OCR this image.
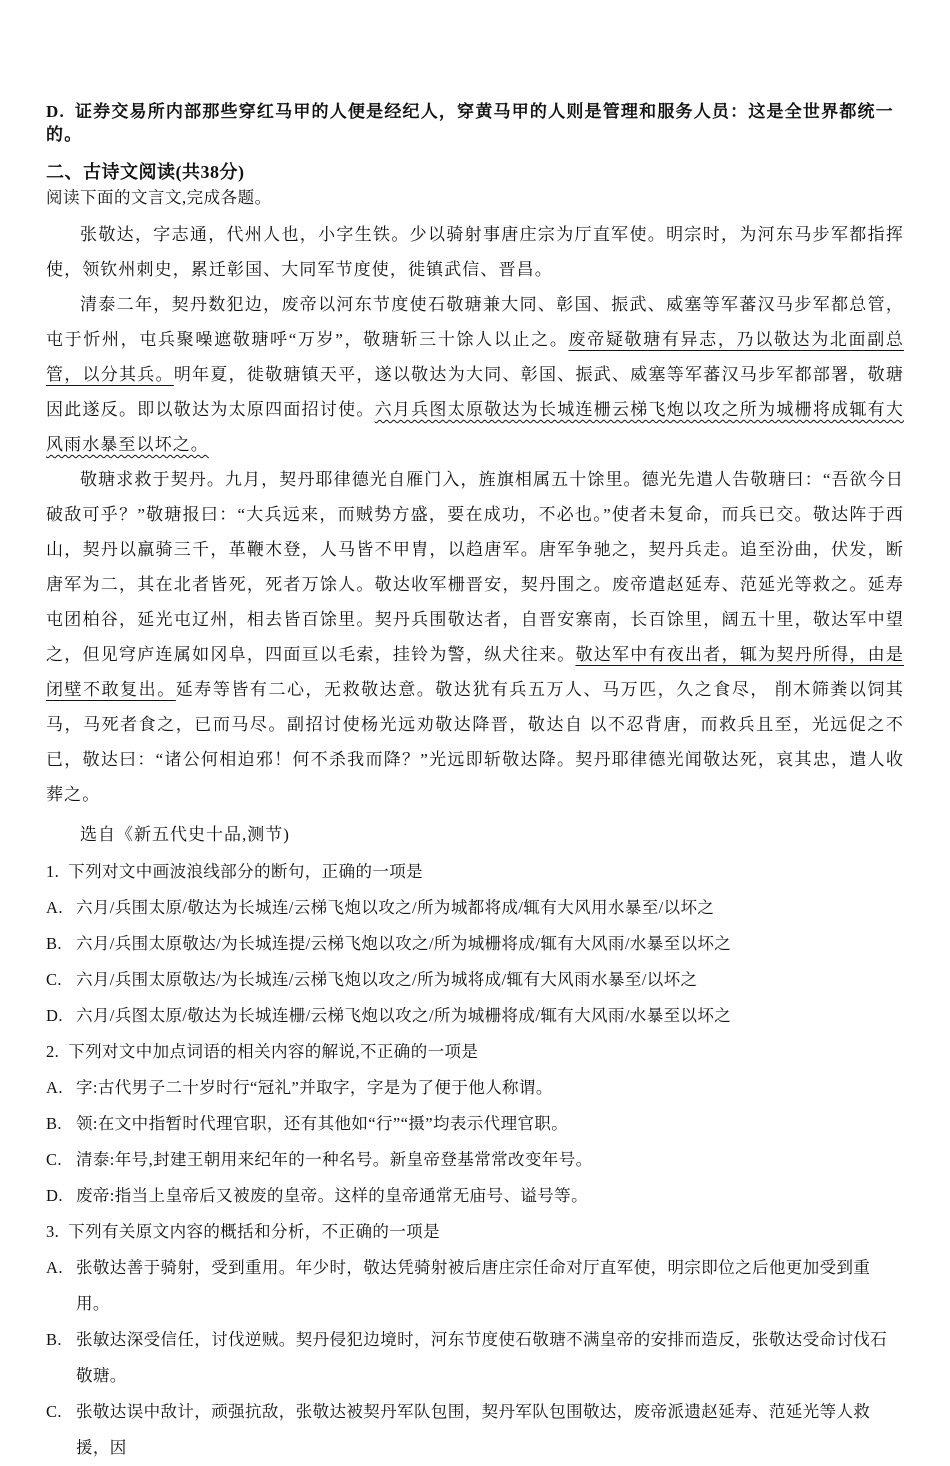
D. 证券交易所内部那些穿红马甲的人便是经纪人，穿黄马甲的人则是管理和服务人员：这是全世界都统一的。
二、古诗文阅读(共38分)
阅读下面的文言文,完成各题。

张敬达，字志通，代州人也，小字生铁。少以骑射事唐庄宗为厅直军使。明宗时，为河东马步军都指挥使，领钦州刺史，累迁彰国、大同军节度使，徙镇武信、晋昌。

清泰二年，契丹数犯边，废帝以河东节度使石敬瑭兼大同、彰国、振武、威塞等军蕃汉马步军都总管，屯于忻州，屯兵聚噪遮敬瑭呼“万岁”，敬瑭斩三十馀人以止之。废帝疑敬瑭有异志，乃以敬达为北面副总管，以分其兵。明年夏，徙敬瑭镇天平，遂以敬达为大同、彰国、振武、威塞等军蕃汉马步军都部署，敬瑭因此遂反。即以敬达为太原四面招讨使。六月兵图太原敬达为长城连栅云梯飞炮以攻之所为城栅将成辄有大风雨水暴至以坏之。

敬瑭求救于契丹。九月，契丹耶律德光自雁门入，旌旗相属五十馀里。德光先遣人告敬瑭曰：“吾欲今日破敌可乎？”敬瑭报曰：“大兵远来，而贼势方盛，要在成功，不必也。”使者未复命，而兵已交。敬达阵于西山，契丹以羸骑三千，革鞭木登，人马皆不甲胄，以趋唐军。唐军争驰之，契丹兵走。追至汾曲，伏发，断唐军为二，其在北者皆死，死者万馀人。敬达收军栅晋安，契丹围之。废帝遣赵延寿、范延光等救之。延寿屯团柏谷，延光屯辽州，相去皆百馀里。契丹兵围敬达者，自晋安寨南，长百馀里，阔五十里，敬达军中望之，但见穹庐连属如冈阜，四面亘以毛索，挂铃为警，纵犬往来。敬达军中有夜出者，辄为契丹所得，由是闭壁不敢复出。延寿等皆有二心，无救敬达意。敬达犹有兵五万人、马万匹，久之食尽， 削木筛粪以饲其马，马死者食之，已而马尽。副招讨使杨光远劝敬达降晋，敬达自 以不忍背唐，而救兵且至，光远促之不已，敬达曰：“诸公何相迫邪！何不杀我而降？”光远即斩敬达降。契丹耶律德光闻敬达死，哀其忠，遣人收葬之。

选自《新五代史十品,测节)
1. 下列对文中画波浪线部分的断句，正确的一项是
A. 六月/兵围太原/敬达为长城连/云梯飞炮以攻之/所为城都将成/辄有大风用水暴至/以坏之
B. 六月/兵围太原敬达/为长城连提/云梯飞炮以攻之/所为城栅将成/辄有大风雨/水暴至以坏之
C. 六月/兵围太原敬达/为长城连/云梯飞炮以攻之/所为城将成/辄有大风雨水暴至/以坏之
D. 六月/兵图太原/敬达为长城连栅/云梯飞炮以攻之/所为城栅将成/辄有大风雨/水暴至以坏之
2. 下列对文中加点词语的相关内容的解说,不正确的一项是
A. 字:古代男子二十岁时行“冠礼”并取字，字是为了便于他人称谓。
B. 领:在文中指暂时代理官职，还有其他如“行”“摄”均表示代理官职。
C. 清泰:年号,封建王朝用来纪年的一种名号。新皇帝登基常常改变年号。
D. 废帝:指当上皇帝后又被废的皇帝。这样的皇帝通常无庙号、谥号等。
3. 下列有关原文内容的概括和分析，不正确的一项是
A. 张敬达善于骑射，受到重用。年少时，敬达凭骑射被后唐庄宗任命对厅直军使，明宗即位之后他更加受到重用。
B. 张敏达深受信任，讨伐逆贼。契丹侵犯边境时，河东节度使石敬瑭不满皇帝的安排而造反，张敬达受命讨伐石敬瑭。
C. 张敬达误中敌计，顽强抗敌，张敬达被契丹军队包围，契丹军队包围敬达，废帝派遗赵延寿、范延光等人救援，因
